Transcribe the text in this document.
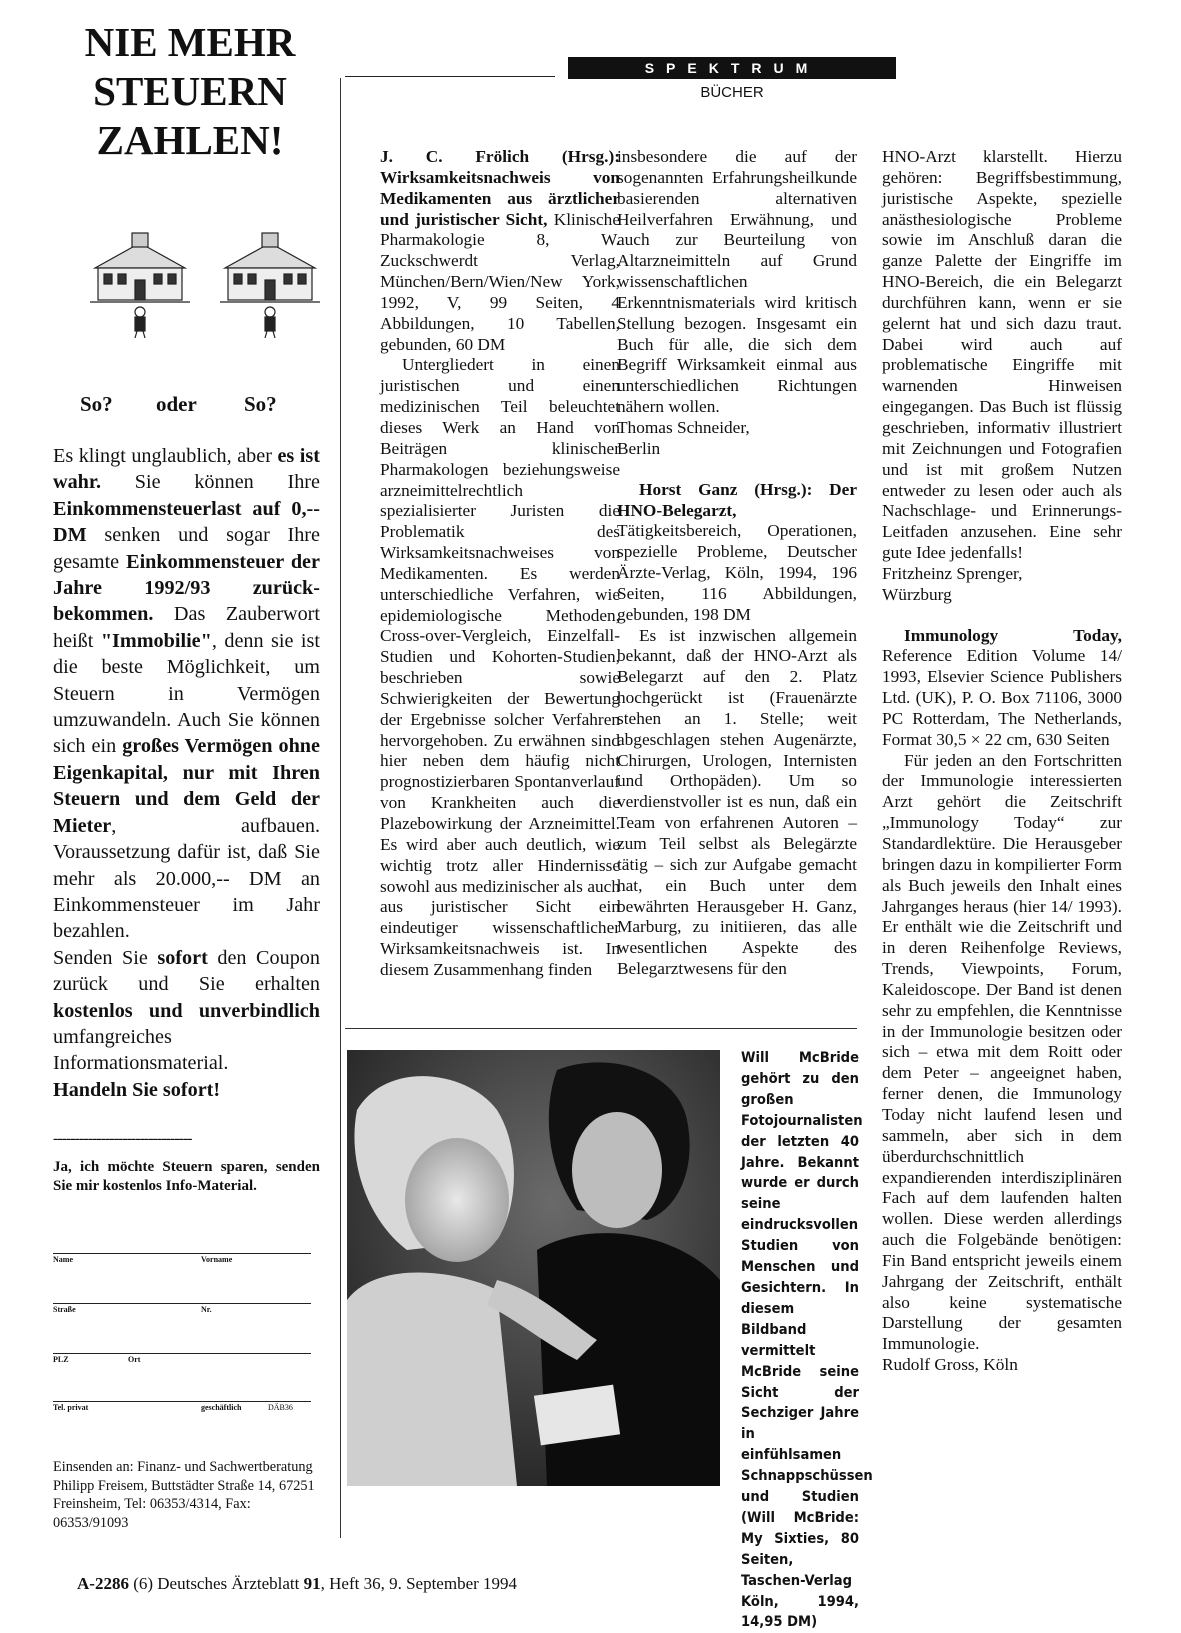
NIE MEHR
STEUERN
ZAHLEN!
So? oder So?

Es klingt unglaublich, aber es ist wahr. Sie können Ihre Einkommensteuerlast auf 0,-- DM senken und sogar Ihre gesamte Einkommensteuer der Jahre 1992/93 zurück- bekommen. Das Zauberwort heißt "Immobilie", denn sie ist die beste Möglichkeit, um Steuern in Vermögen umzuwandeln. Auch Sie können sich ein großes Vermögen ohne Eigenkapital, nur mit Ihren Steuern und dem Geld der Mieter, aufbauen. Voraussetzung dafür ist, daß Sie mehr als 20.000,-- DM an Einkommensteuer im Jahr bezahlen.

Senden Sie sofort den Coupon zurück und Sie erhalten kostenlos und unverbindlich umfangreiches Informationsmaterial.

Handeln Sie sofort!

--------------------------------
Ja, ich möchte Steuern sparen, senden Sie mir kostenlos Info-Material.
Name	Vorname
Straße	Nr.
PLZ	Ort
Tel. privat	geschäftlich	DÄB36
Einsenden an: Finanz- und Sachwertberatung Philipp Freisem, Buttstädter Straße 14, 67251 Freinsheim, Tel: 06353/4314, Fax: 06353/91093
SPEKTRUM
BÜCHER

J. C. Frölich (Hrsg.): Wirksamkeitsnachweis von Medikamenten aus ärztlicher und juristischer Sicht, Klinische Pharmakologie 8, W. Zuckschwerdt Verlag, München/Bern/Wien/New York, 1992, V, 99 Seiten, 4 Abbildungen, 10 Tabellen, gebunden, 60 DM

Untergliedert in einen juristischen und einen medizinischen Teil beleuchtet dieses Werk an Hand von Beiträgen klinischer Pharmakologen beziehungsweise arzneimittelrechtlich spezialisierter Juristen die Problematik des Wirksamkeitsnachweises von Medikamenten. Es werden unterschiedliche Verfahren, wie epidemiologische Methoden, Cross-over-Vergleich, Einzelfall-Studien und Kohorten-Studien, beschrieben sowie Schwierigkeiten der Bewertung der Ergebnisse solcher Verfahren hervorgehoben. Zu erwähnen sind hier neben dem häufig nicht prognostizierbaren Spontanverlauf von Krankheiten auch die Plazebowirkung der Arzneimittel. Es wird aber auch deutlich, wie wichtig trotz aller Hindernisse sowohl aus medizinischer als auch aus juristischer Sicht ein eindeutiger wissenschaftlicher Wirksamkeitsnachweis ist. In diesem Zusammenhang finden

insbesondere die auf der sogenannten Erfahrungsheilkunde basierenden alternativen Heilverfahren Erwähnung, und auch zur Beurteilung von Altarzneimitteln auf Grund wissenschaftlichen Erkenntnismaterials wird kritisch Stellung bezogen. Insgesamt ein Buch für alle, die sich dem Begriff Wirksamkeit einmal aus unterschiedlichen Richtungen nähern wollen.

Thomas Schneider,

Berlin

Horst Ganz (Hrsg.): Der HNO-Belegarzt, Tätigkeitsbereich, Operationen, spezielle Probleme, Deutscher Ärzte-Verlag, Köln, 1994, 196 Seiten, 116 Abbildungen, gebunden, 198 DM

Es ist inzwischen allgemein bekannt, daß der HNO-Arzt als Belegarzt auf den 2. Platz hochgerückt ist (Frauenärzte stehen an 1. Stelle; weit abgeschlagen stehen Augenärzte, Chirurgen, Urologen, Internisten und Orthopäden). Um so verdienstvoller ist es nun, daß ein Team von erfahrenen Autoren – zum Teil selbst als Belegärzte tätig – sich zur Aufgabe gemacht hat, ein Buch unter dem bewährten Herausgeber H. Ganz, Marburg, zu initiieren, das alle wesentlichen Aspekte des Belegarztwesens für den

HNO-Arzt klarstellt. Hierzu gehören: Begriffsbestimmung, juristische Aspekte, spezielle anästhesiologische Probleme sowie im Anschluß daran die ganze Palette der Eingriffe im HNO-Bereich, die ein Belegarzt durchführen kann, wenn er sie gelernt hat und sich dazu traut. Dabei wird auch auf problematische Eingriffe mit warnenden Hinweisen eingegangen. Das Buch ist flüssig geschrieben, informativ illustriert mit Zeichnungen und Fotografien und ist mit großem Nutzen entweder zu lesen oder auch als Nachschlage- und Erinnerungs-Leitfaden anzusehen. Eine sehr gute Idee jedenfalls!

Fritzheinz Sprenger,

Würzburg

Immunology Today, Reference Edition Volume 14/ 1993, Elsevier Science Publishers Ltd. (UK), P. O. Box 71106, 3000 PC Rotterdam, The Netherlands, Format 30,5 × 22 cm, 630 Seiten

Für jeden an den Fortschritten der Immunologie interessierten Arzt gehört die Zeitschrift „Immunology Today“ zur Standardlektüre. Die Herausgeber bringen dazu in kompilierter Form als Buch jeweils den Inhalt eines Jahrganges heraus (hier 14/ 1993). Er enthält wie die Zeitschrift und in deren Reihenfolge Reviews, Trends, Viewpoints, Forum, Kaleidoscope. Der Band ist denen sehr zu empfehlen, die Kenntnisse in der Immunologie besitzen oder sich – etwa mit dem Roitt oder dem Peter – angeeignet haben, ferner denen, die Immunology Today nicht laufend lesen und sammeln, aber sich in dem überdurchschnittlich expandierenden interdisziplinären Fach auf dem laufenden halten wollen. Diese werden allerdings auch die Folgebände benötigen: Fin Band entspricht jeweils einem Jahrgang der Zeitschrift, enthält also keine systematische Darstellung der gesamten Immunologie.

Rudolf Gross, Köln

Will McBride gehört zu den großen Fotojournalisten der letzten 40 Jahre. Bekannt wurde er durch seine eindrucksvollen Studien von Menschen und Gesichtern. In diesem Bildband vermittelt McBride seine Sicht der Sechziger Jahre in einfühlsamen Schnappschüssen und Studien (Will McBride: My Sixties, 80 Seiten, Taschen-Verlag Köln, 1994, 14,95 DM)
A-2286 (6) Deutsches Ärzteblatt 91, Heft 36, 9. September 1994
